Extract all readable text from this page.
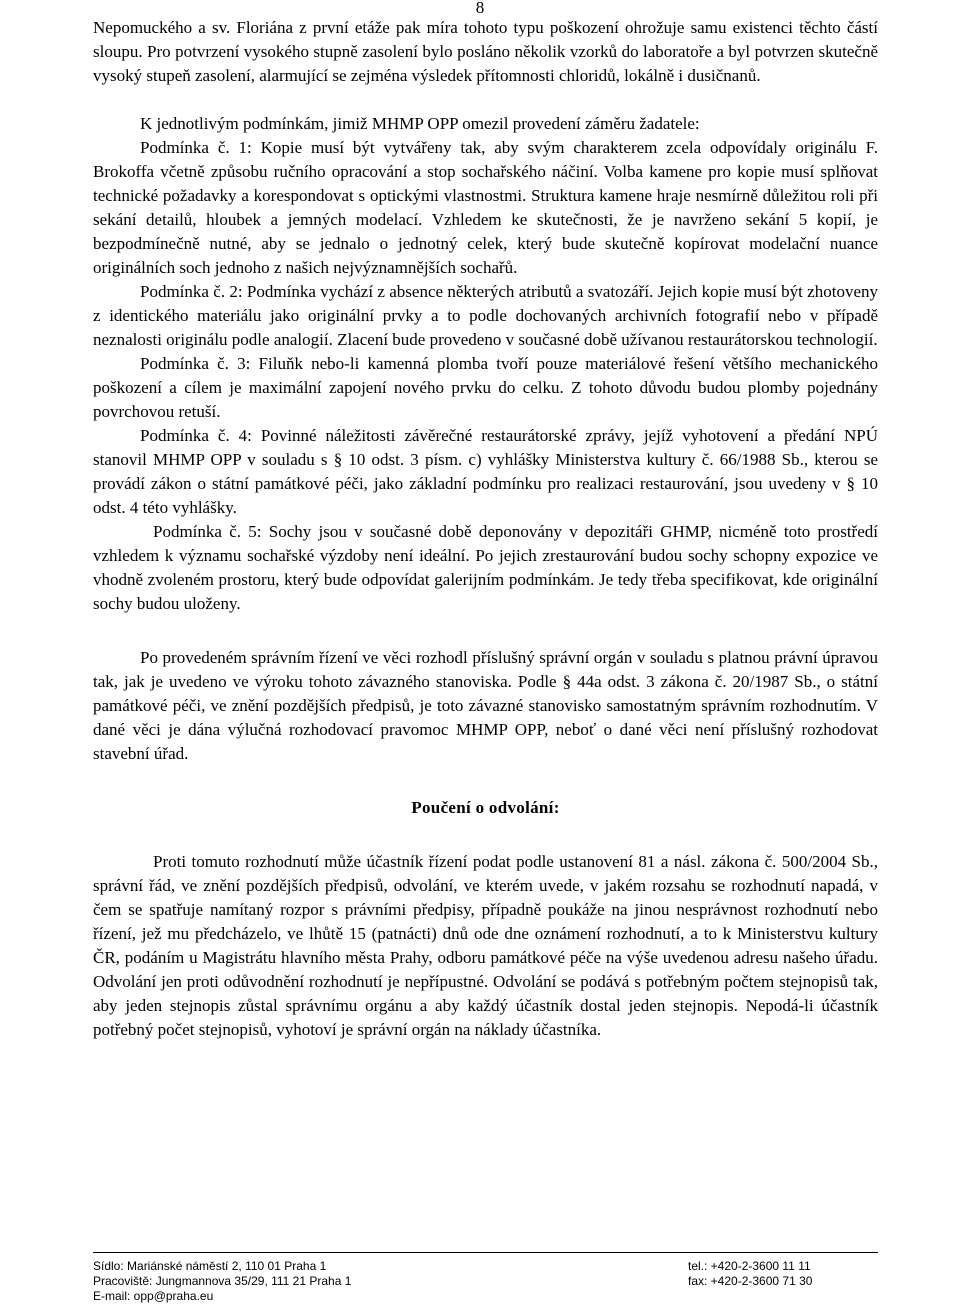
8

Nepomuckého a sv. Floriána z první etáže pak míra tohoto typu poškození ohrožuje samu existenci těchto částí sloupu. Pro potvrzení vysokého stupně zasolení bylo posláno několik vzorků do laboratoře a byl potvrzen skutečně vysoký stupeň zasolení, alarmující se zejména výsledek přítomnosti chloridů, lokálně i dusičnanů.

K jednotlivým podmínkám, jimiž MHMP OPP omezil provedení záměru žadatele:

Podmínka č. 1: Kopie musí být vytvářeny tak, aby svým charakterem zcela odpovídaly originálu F. Brokoffa včetně způsobu ručního opracování a stop sochařského náčiní. Volba kamene pro kopie musí splňovat technické požadavky a korespondovat s optickými vlastnostmi. Struktura kamene hraje nesmírně důležitou roli při sekání detailů, hloubek a jemných modelací. Vzhledem ke skutečnosti, že je navrženo sekání 5 kopií, je bezpodmínečně nutné, aby se jednalo o jednotný celek, který bude skutečně kopírovat modelační nuance originálních soch jednoho z našich nejvýznamnějších sochařů.

Podmínka č. 2: Podmínka vychází z absence některých atributů a svatozáří. Jejich kopie musí být zhotoveny z identického materiálu jako originální prvky a to podle dochovaných archivních fotografií nebo v případě neznalosti originálu podle analogií. Zlacení bude provedeno v současné době užívanou restaurátorskou technologií.

Podmínka č. 3: Filuňk nebo-li kamenná plomba tvoří pouze materiálové řešení většího mechanického poškození a cílem je maximální zapojení nového prvku do celku. Z tohoto důvodu budou plomby pojednány povrchovou retuší.

Podmínka č. 4: Povinné náležitosti závěrečné restaurátorské zprávy, jejíž vyhotovení a předání NPÚ stanovil MHMP OPP v souladu s § 10 odst. 3 písm. c) vyhlášky Ministerstva kultury č. 66/1988 Sb., kterou se provádí zákon o státní památkové péči, jako základní podmínku pro realizaci restaurování, jsou uvedeny v § 10 odst. 4 této vyhlášky.

Podmínka č. 5: Sochy jsou v současné době deponovány v depozitáři GHMP, nicméně toto prostředí vzhledem k významu sochařské výzdoby není ideální. Po jejich zrestaurování budou sochy schopny expozice ve vhodně zvoleném prostoru, který bude odpovídat galerijním podmínkám. Je tedy třeba specifikovat, kde originální sochy budou uloženy.

Po provedeném správním řízení ve věci rozhodl příslušný správní orgán v souladu s platnou právní úpravou tak, jak je uvedeno ve výroku tohoto závazného stanoviska. Podle § 44a odst. 3 zákona č. 20/1987 Sb., o státní památkové péči, ve znění pozdějších předpisů, je toto závazné stanovisko samostatným správním rozhodnutím. V dané věci je dána výlučná rozhodovací pravomoc MHMP OPP, neboť o dané věci není příslušný rozhodovat stavební úřad.

Poučení o odvolání:

Proti tomuto rozhodnutí může účastník řízení podat podle ustanovení 81 a násl. zákona č. 500/2004 Sb., správní řád, ve znění pozdějších předpisů, odvolání, ve kterém uvede, v jakém rozsahu se rozhodnutí napadá, v čem se spatřuje namítaný rozpor s právními předpisy, případně poukáže na jinou nesprávnost rozhodnutí nebo řízení, jež mu předcházelo, ve lhůtě 15 (patnácti) dnů ode dne oznámení rozhodnutí, a to k Ministerstvu kultury ČR, podáním u Magistrátu hlavního města Prahy, odboru památkové péče na výše uvedenou adresu našeho úřadu. Odvolání jen proti odůvodnění rozhodnutí je nepřípustné. Odvolání se podává s potřebným počtem stejnopisů tak, aby jeden stejnopis zůstal správnímu orgánu a aby každý účastník dostal jeden stejnopis. Nepodá-li účastník potřebný počet stejnopisů, vyhotoví je správní orgán na náklady účastníka.

Sídlo: Mariánské náměstí 2, 110 01 Praha 1	tel.: +420-2-3600 11 11
Pracoviště: Jungmannova 35/29, 111 21 Praha 1	fax: +420-2-3600 71 30
E-mail: opp@praha.eu
